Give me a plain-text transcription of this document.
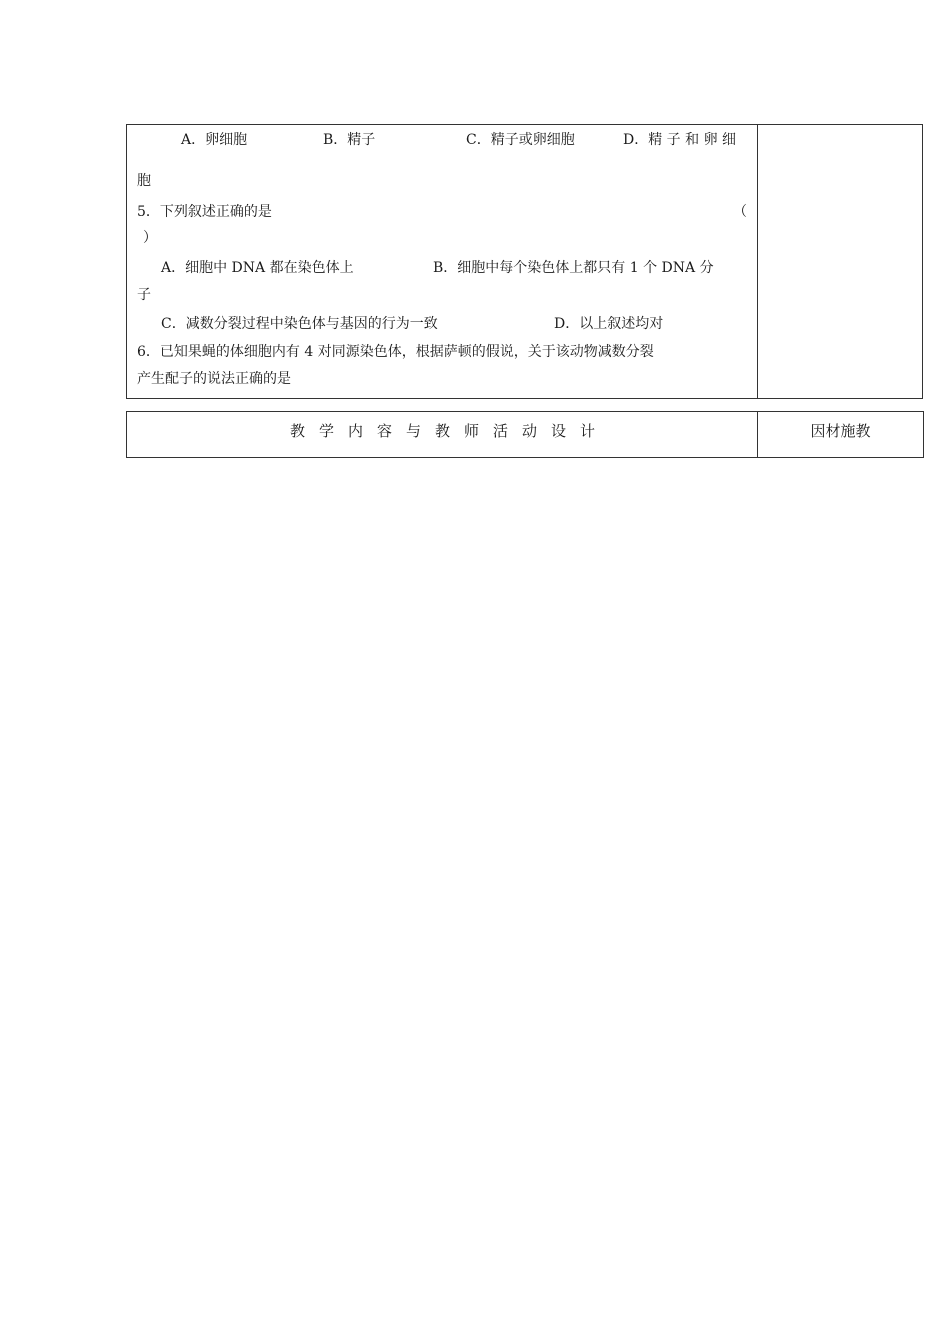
A．卵细胞	B．精子	C．精子或卵细胞	D．精 子 和 卵 细
胞
5．下列叙述正确的是	（
）
A．细胞中 DNA 都在染色体上	B．细胞中每个染色体上都只有 1 个 DNA 分
子
C．减数分裂过程中染色体与基因的行为一致	D．以上叙述均对
6．已知果蝇的体细胞内有 4 对同源染色体，根据萨顿的假说，关于该动物减数分裂
产生配子的说法正确的是
教学内容与教师活动设计	因材施教
